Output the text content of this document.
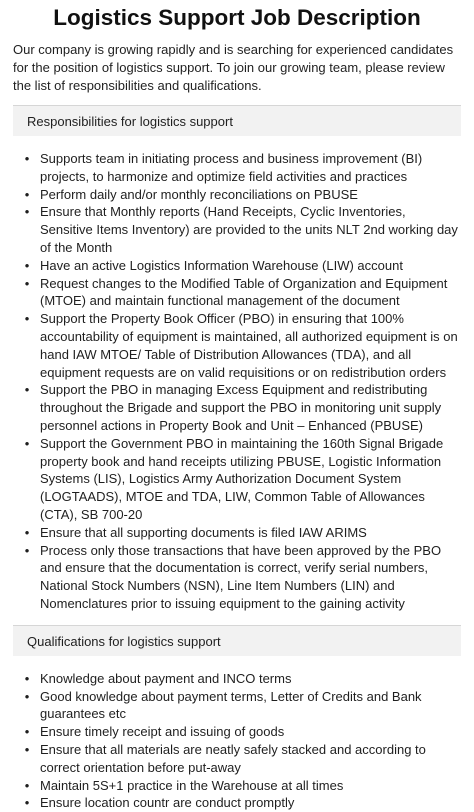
Logistics Support Job Description

Our company is growing rapidly and is searching for experienced candidates for the position of logistics support. To join our growing team, please review the list of responsibilities and qualifications.

Responsibilities for logistics support
• Supports team in initiating process and business improvement (BI) projects, to harmonize and optimize field activities and practices
• Perform daily and/or monthly reconciliations on PBUSE
• Ensure that Monthly reports (Hand Receipts, Cyclic Inventories, Sensitive Items Inventory) are provided to the units NLT 2nd working day of the Month
• Have an active Logistics Information Warehouse (LIW) account
• Request changes to the Modified Table of Organization and Equipment (MTOE) and maintain functional management of the document
• Support the Property Book Officer (PBO) in ensuring that 100% accountability of equipment is maintained, all authorized equipment is on hand IAW MTOE/ Table of Distribution Allowances (TDA), and all equipment requests are on valid requisitions or on redistribution orders
• Support the PBO in managing Excess Equipment and redistributing throughout the Brigade and support the PBO in monitoring unit supply personnel actions in Property Book and Unit – Enhanced (PBUSE)
• Support the Government PBO in maintaining the 160th Signal Brigade property book and hand receipts utilizing PBUSE, Logistic Information Systems (LIS), Logistics Army Authorization Document System (LOGTAADS), MTOE and TDA, LIW, Common Table of Allowances (CTA), SB 700-20
• Ensure that all supporting documents is filed IAW ARIMS
• Process only those transactions that have been approved by the PBO and ensure that the documentation is correct, verify serial numbers, National Stock Numbers (NSN), Line Item Numbers (LIN) and Nomenclatures prior to issuing equipment to the gaining activity
Qualifications for logistics support
• Knowledge about payment and INCO terms
• Good knowledge about payment terms, Letter of Credits and Bank guarantees etc
• Ensure timely receipt and issuing of goods
• Ensure that all materials are neatly safely stacked and according to correct orientation before put-away
• Maintain 5S+1 practice in the Warehouse at all times
• Ensure location countr are conduct promptly
